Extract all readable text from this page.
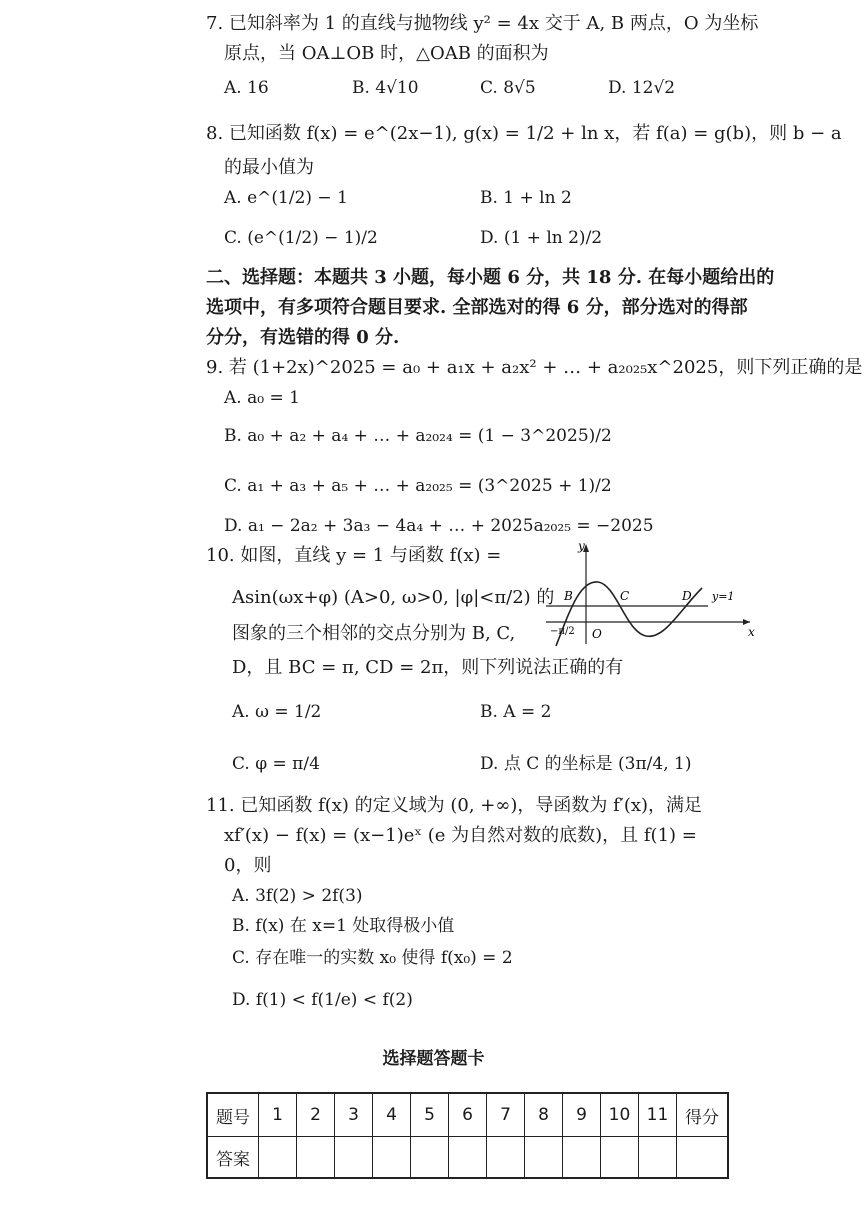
7. 已知斜率为 1 的直线与抛物线 y² = 4x 交于 A, B 两点，O 为坐标
原点，当 OA⊥OB 时，△OAB 的面积为
A. 16	B. 4√10	C. 8√5	D. 12√2
8. 已知函数 f(x) = e^(2x−1), g(x) = 1/2 + ln x，若 f(a) = g(b)，则 b − a
的最小值为
A. e^(1/2) − 1	B. 1 + ln 2
C. (e^(1/2) − 1)/2	D. (1 + ln 2)/2
二、选择题：本题共 3 小题，每小题 6 分，共 18 分. 在每小题给出的
选项中，有多项符合题目要求. 全部选对的得 6 分，部分选对的得部
分分，有选错的得 0 分.
9. 若 (1+2x)^2025 = a₀ + a₁x + a₂x² + … + a₂₀₂₅x^2025，则下列正确的是
A. a₀ = 1
B. a₀ + a₂ + a₄ + … + a₂₀₂₄ = (1 − 3^2025)/2
C. a₁ + a₃ + a₅ + … + a₂₀₂₅ = (3^2025 + 1)/2
D. a₁ − 2a₂ + 3a₃ − 4a₄ + … + 2025a₂₀₂₅ = −2025
10. 如图，直线 y = 1 与函数 f(x) =
Asin(ωx+φ) (A>0, ω>0, |φ|<π/2) 的
图象的三个相邻的交点分别为 B, C,
D，且 BC = π, CD = 2π，则下列说法正确的有
y
x
O
B	C	D y=1
−π/2
A. ω = 1/2	B. A = 2
C. φ = π/4	D. 点 C 的坐标是 (3π/4, 1)
11. 已知函数 f(x) 的定义域为 (0, +∞)，导函数为 f′(x)，满足
xf′(x) − f(x) = (x−1)eˣ (e 为自然对数的底数)，且 f(1) =
0，则
A. 3f(2) > 2f(3)
B. f(x) 在 x=1 处取得极小值
C. 存在唯一的实数 x₀ 使得 f(x₀) = 2
D. f(1) < f(1/e) < f(2)
选择题答题卡
题号	1	2	3	4	5	6	7	8	9	10	11	得分
答案												
